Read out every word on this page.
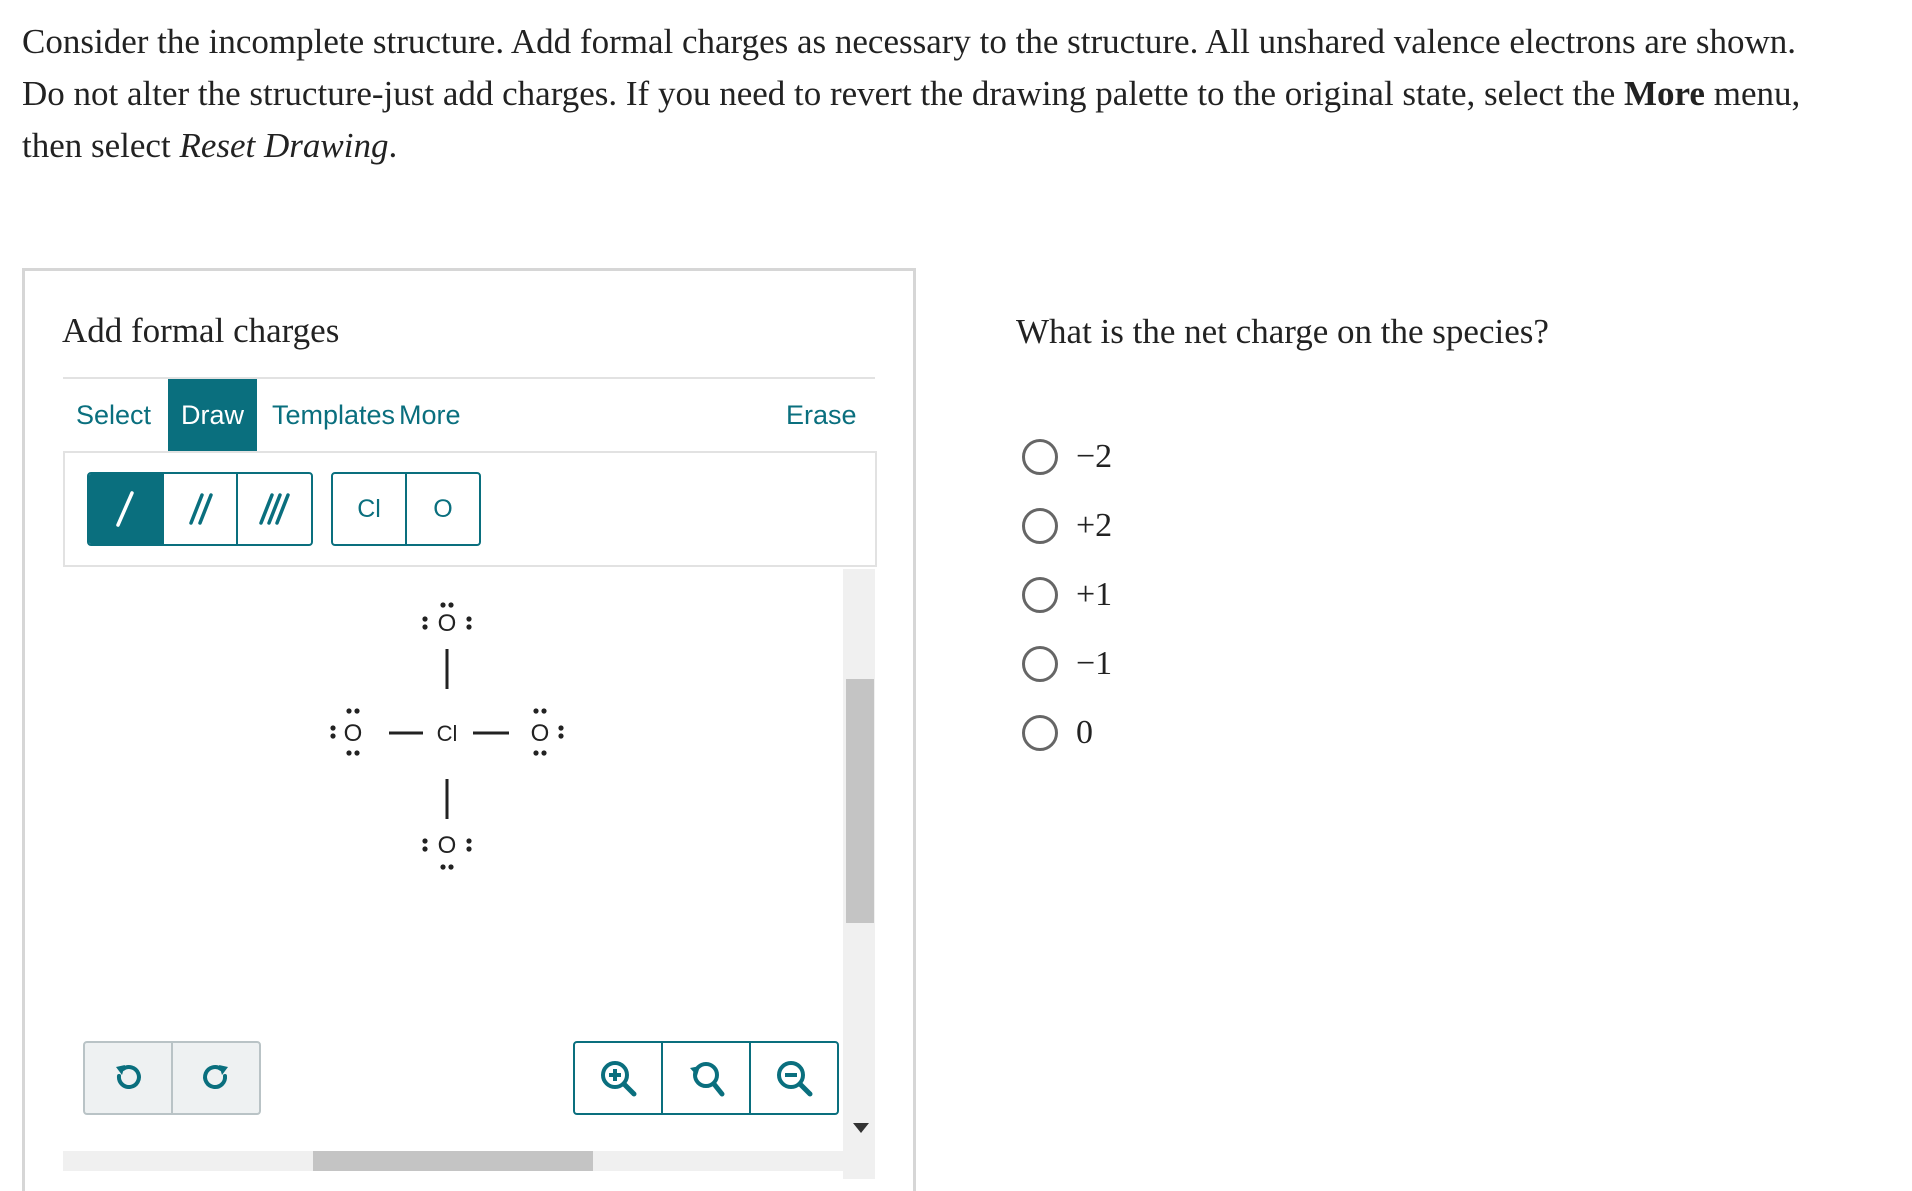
Consider the incomplete structure. Add formal charges as necessary to the structure. All unshared valence electrons are shown.
Do not alter the structure-just add charges. If you need to revert the drawing palette to the original state, select the More menu,
then select Reset Drawing.
Add formal charges
Select	Draw	Templates More	Erase
Cl	O
O
Cl
O	O
O
What is the net charge on the species?
−2
+2
+1
−1
0
